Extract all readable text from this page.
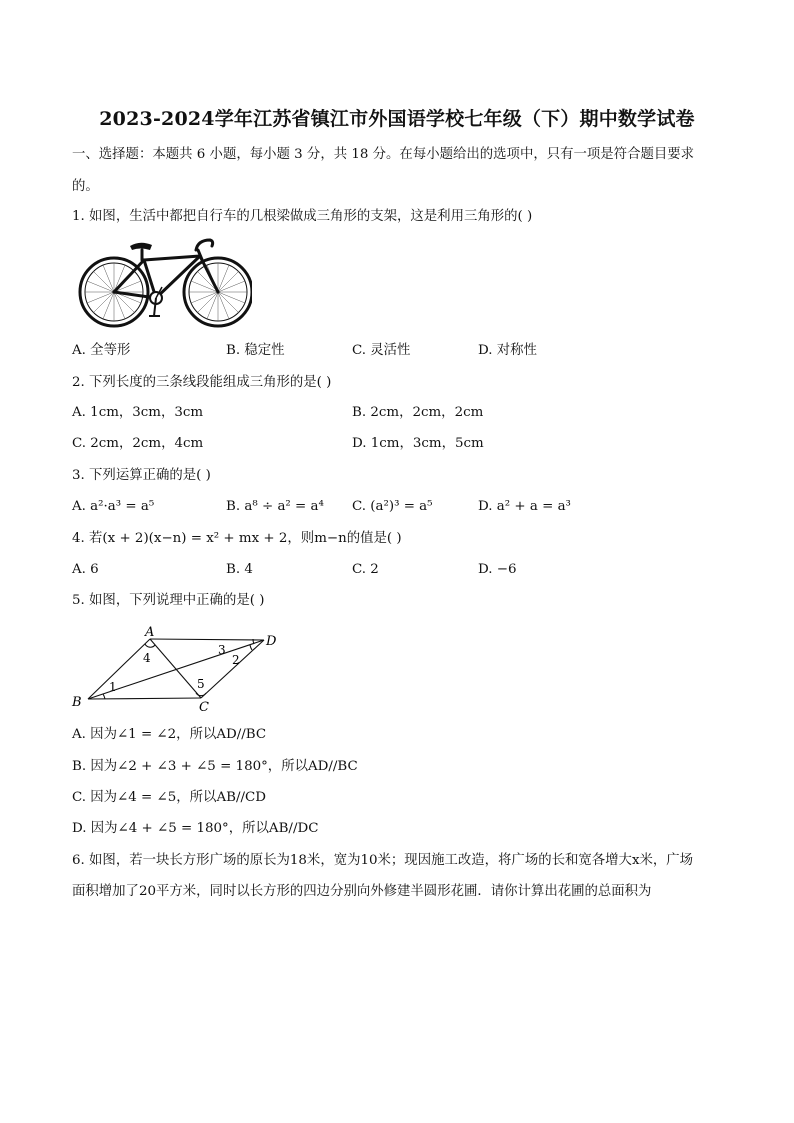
2023-2024学年江苏省镇江市外国语学校七年级（下）期中数学试卷
一、选择题：本题共 6 小题，每小题 3 分，共 18 分。在每小题给出的选项中，只有一项是符合题目要求
的。
1. 如图，生活中都把自行车的几根梁做成三角形的支架，这是利用三角形的( )
A. 全等形	B. 稳定性	C. 灵活性	D. 对称性
2. 下列长度的三条线段能组成三角形的是( )
A. 1cm，3cm，3cm	B. 2cm，2cm，2cm
C. 2cm，2cm，4cm	D. 1cm，3cm，5cm
3. 下列运算正确的是( )
A. a²·a³ = a⁵	B. a⁸ ÷ a² = a⁴ C. (a²)³ = a⁵	D. a² + a = a³
4. 若(x + 2)(x−n) = x² + mx + 2，则m−n的值是( )
A. 6	B. 4	C. 2	D. −6
5. 如图，下列说理中正确的是( )
A
B	C
D
1
2
3
4
5
A. 因为∠1 = ∠2，所以AD//BC
B. 因为∠2 + ∠3 + ∠5 = 180°，所以AD//BC
C. 因为∠4 = ∠5，所以AB//CD
D. 因为∠4 + ∠5 = 180°，所以AB//DC
6. 如图，若一块长方形广场的原长为18米，宽为10米；现因施工改造，将广场的长和宽各增大x米，广场
面积增加了20平方米，同时以长方形的四边分别向外修建半圆形花圃．请你计算出花圃的总面积为
